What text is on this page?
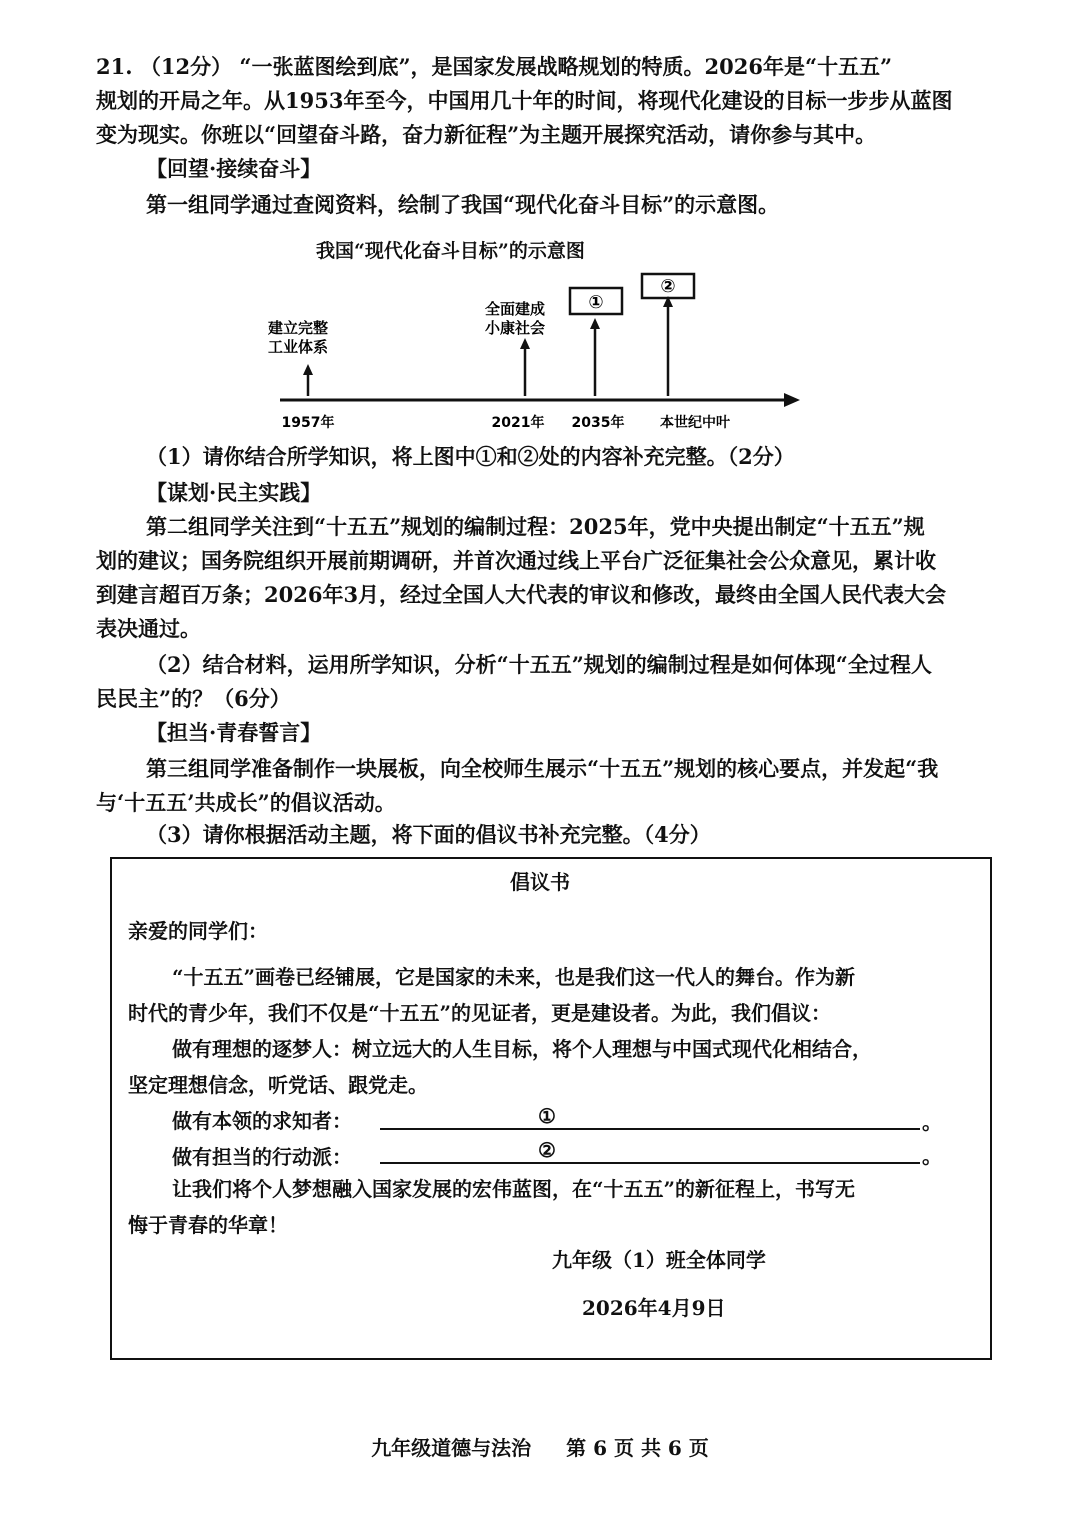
21. （12分） “一张蓝图绘到底”，是国家发展战略规划的特质。2026年是“十五五”
规划的开局之年。从1953年至今，中国用几十年的时间，将现代化建设的目标一步步从蓝图
变为现实。你班以“回望奋斗路，奋力新征程”为主题开展探究活动，请你参与其中。
【回望·接续奋斗】
第一组同学通过查阅资料，绘制了我国“现代化奋斗目标”的示意图。
我国“现代化奋斗目标”的示意图
建立完整
工业体系
1957年
全面建成
小康社会
2021年
①
2035年
②
本世纪中叶
（1）请你结合所学知识，将上图中①和②处的内容补充完整。（2分）
【谋划·民主实践】
第二组同学关注到“十五五”规划的编制过程：2025年，党中央提出制定“十五五”规
划的建议；国务院组织开展前期调研，并首次通过线上平台广泛征集社会公众意见，累计收
到建言超百万条；2026年3月，经过全国人大代表的审议和修改，最终由全国人民代表大会
表决通过。
（2）结合材料，运用所学知识，分析“十五五”规划的编制过程是如何体现“全过程人
民民主”的？（6分）
【担当·青春誓言】
第三组同学准备制作一块展板，向全校师生展示“十五五”规划的核心要点，并发起“我
与‘十五五’共成长”的倡议活动。
（3）请你根据活动主题，将下面的倡议书补充完整。（4分）
倡议书
亲爱的同学们：
“十五五”画卷已经铺展，它是国家的未来，也是我们这一代人的舞台。作为新
时代的青少年，我们不仅是“十五五”的见证者，更是建设者。为此，我们倡议：
做有理想的逐梦人：树立远大的人生目标，将个人理想与中国式现代化相结合，
坚定理想信念，听党话、跟党走。
做有本领的求知者：	①	。
做有担当的行动派：	②	。
让我们将个人梦想融入国家发展的宏伟蓝图，在“十五五”的新征程上，书写无
悔于青春的华章！
九年级（1）班全体同学
2026年4月9日
九年级道德与法治 第 6 页 共 6 页
